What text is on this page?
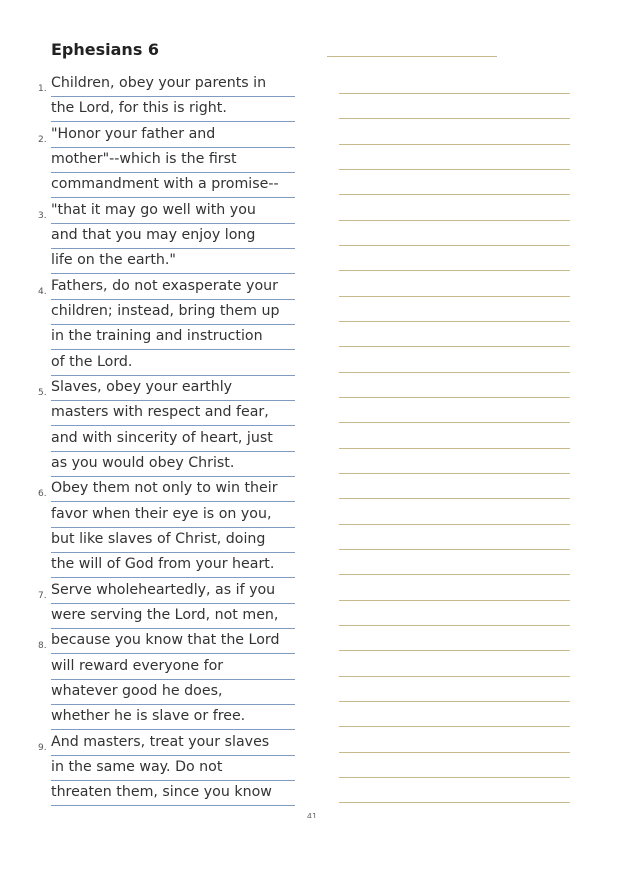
Ephesians 6
1. Children, obey your parents in
the Lord, for this is right.
2. "Honor your father and
mother"--which is the first
commandment with a promise--
3. "that it may go well with you
and that you may enjoy long
life on the earth."
4. Fathers, do not exasperate your
children; instead, bring them up
in the training and instruction
of the Lord.
5. Slaves, obey your earthly
masters with respect and fear,
and with sincerity of heart, just
as you would obey Christ.
6. Obey them not only to win their
favor when their eye is on you,
but like slaves of Christ, doing
the will of God from your heart.
7. Serve wholeheartedly, as if you
were serving the Lord, not men,
8. because you know that the Lord
will reward everyone for
whatever good he does,
whether he is slave or free.
9. And masters, treat your slaves
in the same way. Do not
threaten them, since you know
41
